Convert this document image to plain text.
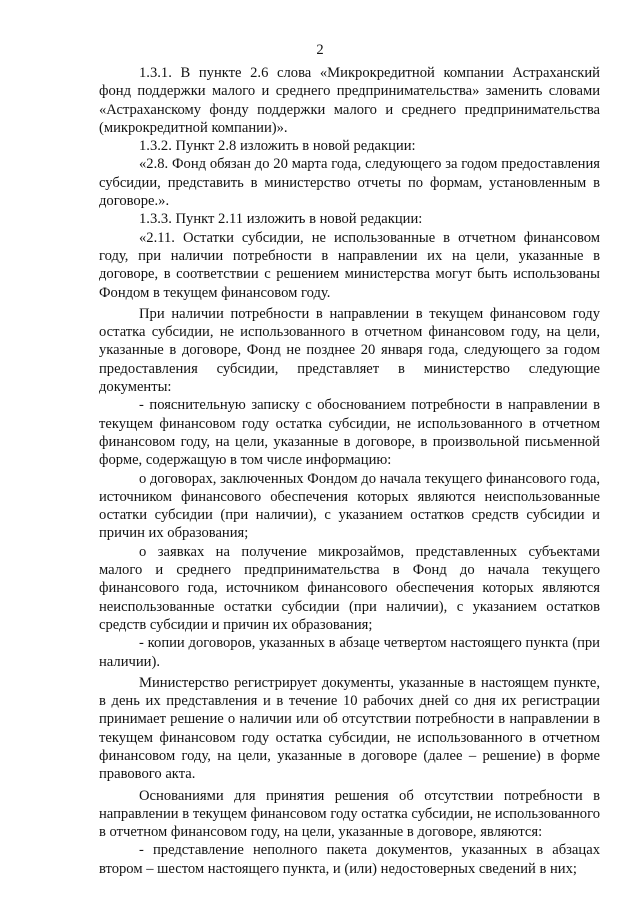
2

1.3.1. В пункте 2.6 слова «Микрокредитной компании Астраханский фонд поддержки малого и среднего предпринимательства» заменить словами «Астраханскому фонду поддержки малого и среднего предпринимательства (микрокредитной компании)».

1.3.2. Пункт 2.8 изложить в новой редакции:

«2.8. Фонд обязан до 20 марта года, следующего за годом предоставления субсидии, представить в министерство отчеты по формам, установленным в договоре.».

1.3.3. Пункт 2.11 изложить в новой редакции:

«2.11. Остатки субсидии, не использованные в отчетном финансовом году, при наличии потребности в направлении их на цели, указанные в договоре, в соответствии с решением министерства могут быть использованы Фондом в текущем финансовом году.

При наличии потребности в направлении в текущем финансовом году остатка субсидии, не использованного в отчетном финансовом году, на цели, указанные в договоре, Фонд не позднее 20 января года, следующего за годом предоставления субсидии, представляет в министерство следующие документы:

- пояснительную записку с обоснованием потребности в направлении в текущем финансовом году остатка субсидии, не использованного в отчетном финансовом году, на цели, указанные в договоре, в произвольной письменной форме, содержащую в том числе информацию:

о договорах, заключенных Фондом до начала текущего финансового года, источником финансового обеспечения которых являются неиспользованные остатки субсидии (при наличии), с указанием остатков средств субсидии и причин их образования;

о заявках на получение микрозаймов, представленных субъектами малого и среднего предпринимательства в Фонд до начала текущего финансового года, источником финансового обеспечения которых являются неиспользованные остатки субсидии (при наличии), с указанием остатков средств субсидии и причин их образования;

- копии договоров, указанных в абзаце четвертом настоящего пункта (при наличии).

Министерство регистрирует документы, указанные в настоящем пункте, в день их представления и в течение 10 рабочих дней со дня их регистрации принимает решение о наличии или об отсутствии потребности в направлении в текущем финансовом году остатка субсидии, не использованного в отчетном финансовом году, на цели, указанные в договоре (далее – решение) в форме правового акта.

Основаниями для принятия решения об отсутствии потребности в направлении в текущем финансовом году остатка субсидии, не использованного в отчетном финансовом году, на цели, указанные в договоре, являются:

- представление неполного пакета документов, указанных в абзацах втором – шестом настоящего пункта, и (или) недостоверных сведений в них;
